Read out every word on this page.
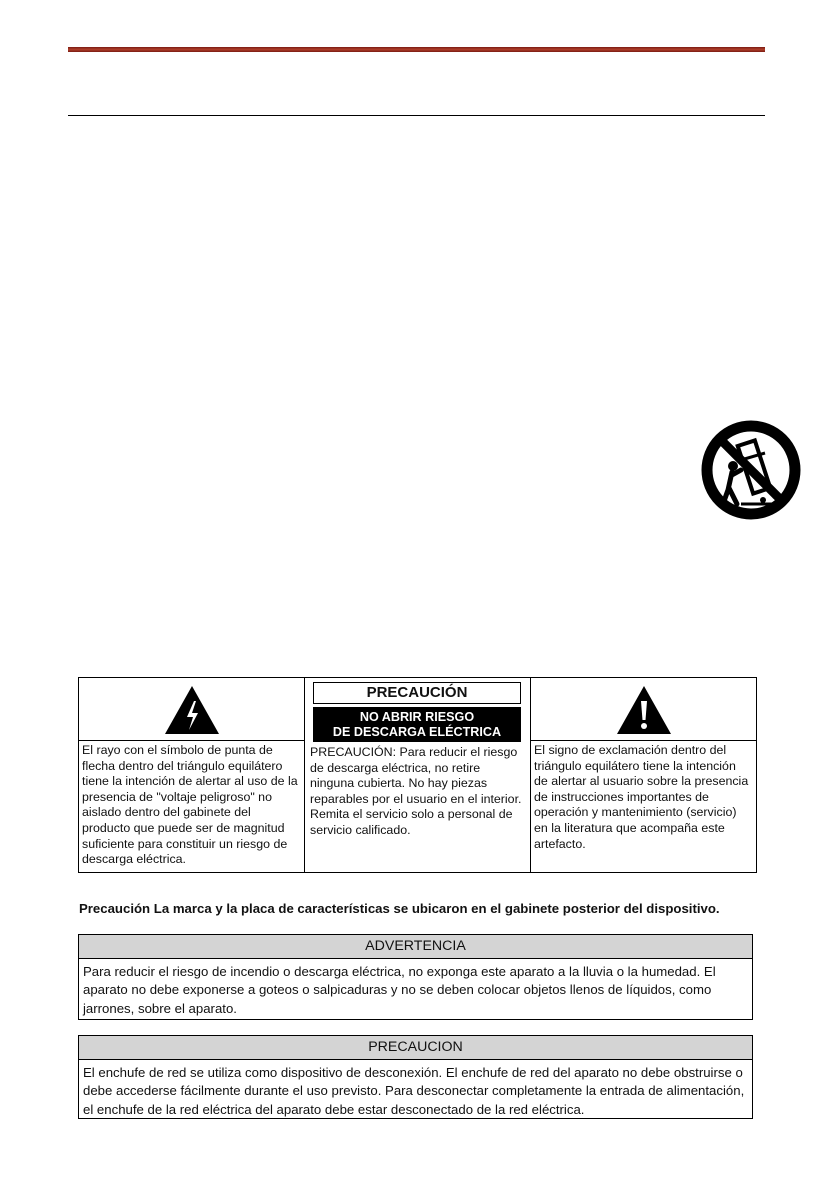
El rayo con el símbolo de punta de flecha dentro del triángulo equilátero tiene la intención de alertar al uso de la presencia de "voltaje peligroso" no aislado dentro del gabinete del producto que puede ser de magnitud suficiente para constituir un riesgo de descarga eléctrica.
PRECAUCIÓN
NO ABRIR RIESGO
DE DESCARGA ELÉCTRICA
PRECAUCIÓN: Para reducir el riesgo de descarga eléctrica, no retire ninguna cubierta. No hay piezas reparables por el usuario en el interior. Remita el servicio solo a personal de servicio calificado.
El signo de exclamación dentro del triángulo equilátero tiene la intención de alertar al usuario sobre la presencia de instrucciones importantes de operación y mantenimiento (servicio) en la literatura que acompaña este artefacto.
Precaución La marca y la placa de características se ubicaron en el gabinete posterior del dispositivo.
ADVERTENCIA
Para reducir el riesgo de incendio o descarga eléctrica, no exponga este aparato a la lluvia o la humedad. El aparato no debe exponerse a goteos o salpicaduras y no se deben colocar objetos llenos de líquidos, como jarrones, sobre el aparato.
PRECAUCION
El enchufe de red se utiliza como dispositivo de desconexión. El enchufe de red del aparato no debe obstruirse o debe accederse fácilmente durante el uso previsto. Para desconectar completamente la entrada de alimentación, el enchufe de la red eléctrica del aparato debe estar desconectado de la red eléctrica.
